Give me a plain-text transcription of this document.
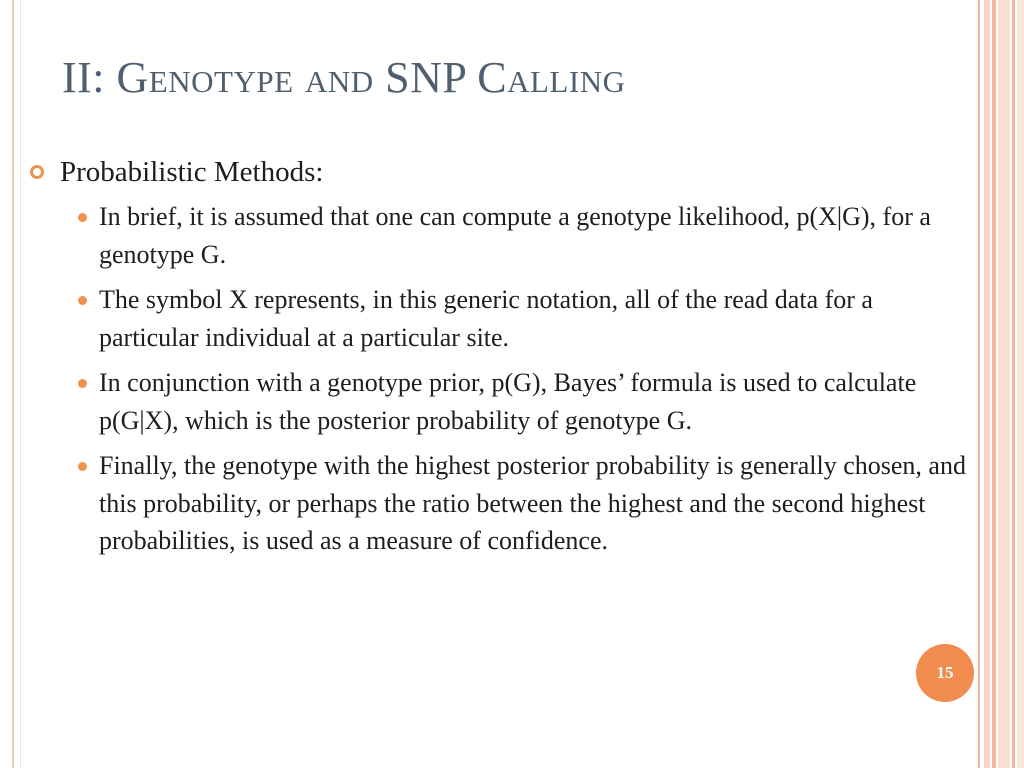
II: Genotype and SNP Calling
Probabilistic Methods:
In brief, it is assumed that one can compute a genotype likelihood, p(X|G), for a genotype G.
The symbol X represents, in this generic notation, all of the read data for a particular individual at a particular site.
In conjunction with a genotype prior, p(G), Bayes’ formula is used to calculate p(G|X), which is the posterior probability of genotype G.
Finally, the genotype with the highest posterior probability is generally chosen, and this probability, or perhaps the ratio between the highest and the second highest probabilities, is used as a measure of confidence.
15
